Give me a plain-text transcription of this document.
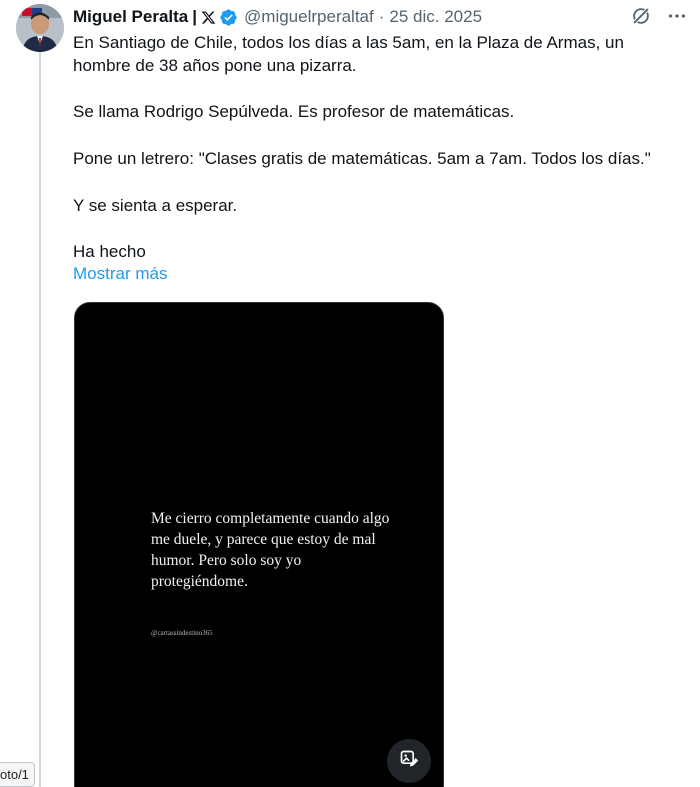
Miguel Peralta |	@miguelrperaltaf · 25 dic. 2025

En Santiago de Chile, todos los días a las 5am, en la Plaza de Armas, un hombre de 38 años pone una pizarra.

Se llama Rodrigo Sepúlveda. Es profesor de matemáticas.

Pone un letrero: "Clases gratis de matemáticas. 5am a 7am. Todos los días."

Y se sienta a esperar.

Ha hecho

Mostrar más
Me cierro completamente cuando algo me duele, y parece que estoy de mal humor. Pero solo soy yo protegiéndome.
@cartassindestino365
oto/1
